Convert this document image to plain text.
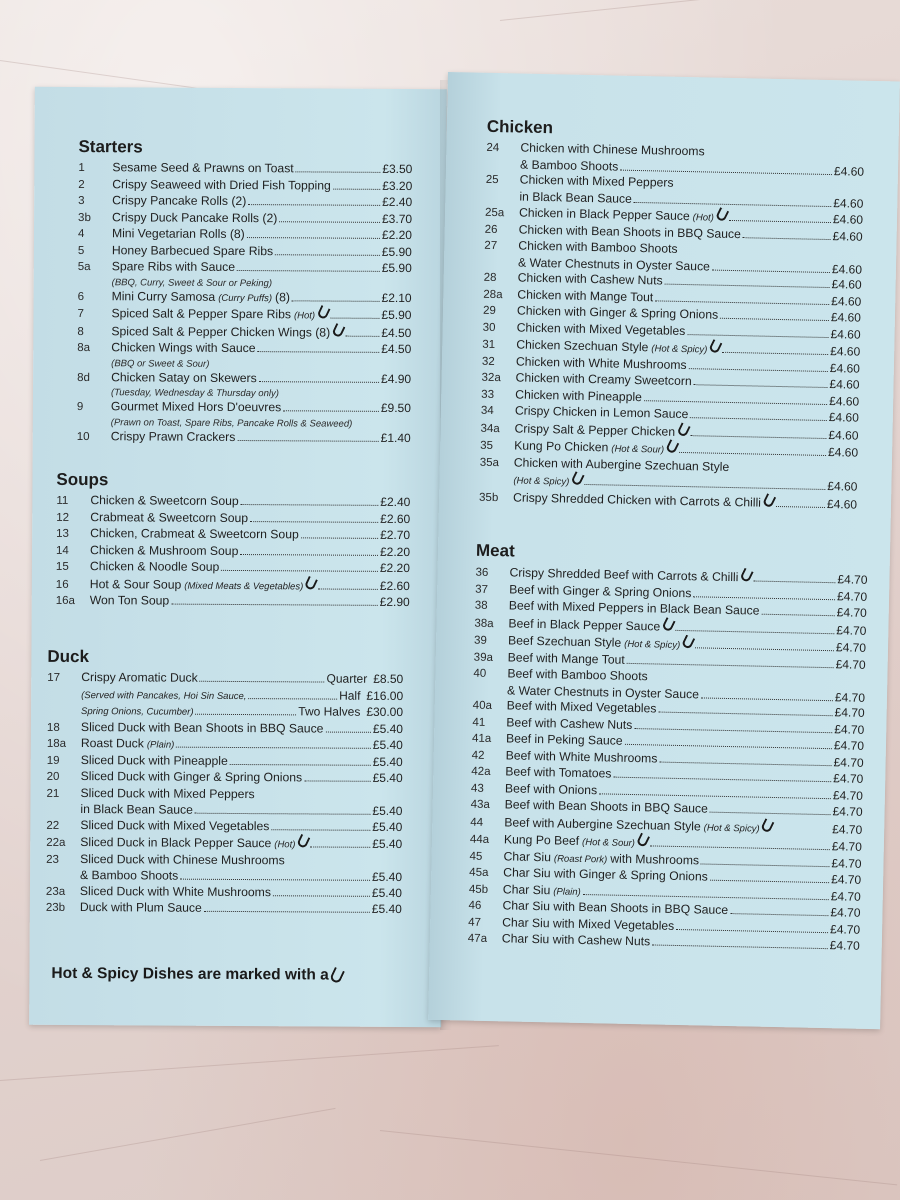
Starters
1	Sesame Seed & Prawns on Toast	£3.50
2	Crispy Seaweed with Dried Fish Topping	£3.20
3	Crispy Pancake Rolls (2)	£2.40
3b	Crispy Duck Pancake Rolls (2)	£3.70
4	Mini Vegetarian Rolls (8)	£2.20
5	Honey Barbecued Spare Ribs	£5.90
5a	Spare Ribs with Sauce	£5.90
(BBQ, Curry, Sweet & Sour or Peking)
6	Mini Curry Samosa (Curry Puffs) (8)	£2.10
7	Spiced Salt & Pepper Spare Ribs (Hot)	£5.90
8	Spiced Salt & Pepper Chicken Wings (8)	£4.50
8a	Chicken Wings with Sauce	£4.50
(BBQ or Sweet & Sour)
8d	Chicken Satay on Skewers	£4.90
(Tuesday, Wednesday & Thursday only)
9	Gourmet Mixed Hors D'oeuvres	£9.50
(Prawn on Toast, Spare Ribs, Pancake Rolls & Seaweed)
10	Crispy Prawn Crackers	£1.40
Soups
11	Chicken & Sweetcorn Soup	£2.40
12	Crabmeat & Sweetcorn Soup	£2.60
13	Chicken, Crabmeat & Sweetcorn Soup	£2.70
14	Chicken & Mushroom Soup	£2.20
15	Chicken & Noodle Soup	£2.20
16	Hot & Sour Soup (Mixed Meats & Vegetables)	£2.60
16a	Won Ton Soup	£2.90
Duck
17	Crispy Aromatic Duck	Quarter £8.50
(Served with Pancakes, Hoi Sin Sauce,	Half £16.00
Spring Onions, Cucumber)	Two Halves £30.00
18	Sliced Duck with Bean Shoots in BBQ Sauce	£5.40
18a	Roast Duck (Plain)	£5.40
19	Sliced Duck with Pineapple	£5.40
20	Sliced Duck with Ginger & Spring Onions	£5.40
21	Sliced Duck with Mixed Peppers
in Black Bean Sauce	£5.40
22	Sliced Duck with Mixed Vegetables	£5.40
22a	Sliced Duck in Black Pepper Sauce (Hot)	£5.40
23	Sliced Duck with Chinese Mushrooms
& Bamboo Shoots	£5.40
23a	Sliced Duck with White Mushrooms	£5.40
23b	Duck with Plum Sauce	£5.40
Hot & Spicy Dishes are marked with a
Chicken
24	Chicken with Chinese Mushrooms
& Bamboo Shoots	£4.60
25	Chicken with Mixed Peppers
in Black Bean Sauce	£4.60
25a	Chicken in Black Pepper Sauce (Hot)	£4.60
26	Chicken with Bean Shoots in BBQ Sauce	£4.60
27	Chicken with Bamboo Shoots
& Water Chestnuts in Oyster Sauce	£4.60
28	Chicken with Cashew Nuts	£4.60
28a	Chicken with Mange Tout	£4.60
29	Chicken with Ginger & Spring Onions	£4.60
30	Chicken with Mixed Vegetables	£4.60
31	Chicken Szechuan Style (Hot & Spicy)	£4.60
32	Chicken with White Mushrooms	£4.60
32a	Chicken with Creamy Sweetcorn	£4.60
33	Chicken with Pineapple	£4.60
34	Crispy Chicken in Lemon Sauce	£4.60
34a	Crispy Salt & Pepper Chicken	£4.60
35	Kung Po Chicken (Hot & Sour)	£4.60
35a	Chicken with Aubergine Szechuan Style
(Hot & Spicy)	£4.60
35b	Crispy Shredded Chicken with Carrots & Chilli	£4.60
Meat
36	Crispy Shredded Beef with Carrots & Chilli	£4.70
37	Beef with Ginger & Spring Onions	£4.70
38	Beef with Mixed Peppers in Black Bean Sauce	£4.70
38a	Beef in Black Pepper Sauce	£4.70
39	Beef Szechuan Style (Hot & Spicy)	£4.70
39a	Beef with Mange Tout	£4.70
40	Beef with Bamboo Shoots
& Water Chestnuts in Oyster Sauce	£4.70
40a	Beef with Mixed Vegetables	£4.70
41	Beef with Cashew Nuts	£4.70
41a	Beef in Peking Sauce	£4.70
42	Beef with White Mushrooms	£4.70
42a	Beef with Tomatoes	£4.70
43	Beef with Onions	£4.70
43a	Beef with Bean Shoots in BBQ Sauce	£4.70
44	Beef with Aubergine Szechuan Style (Hot & Spicy)	£4.70
44a	Kung Po Beef (Hot & Sour)	£4.70
45	Char Siu (Roast Pork) with Mushrooms	£4.70
45a	Char Siu with Ginger & Spring Onions	£4.70
45b	Char Siu (Plain)	£4.70
46	Char Siu with Bean Shoots in BBQ Sauce	£4.70
47	Char Siu with Mixed Vegetables	£4.70
47a	Char Siu with Cashew Nuts	£4.70
